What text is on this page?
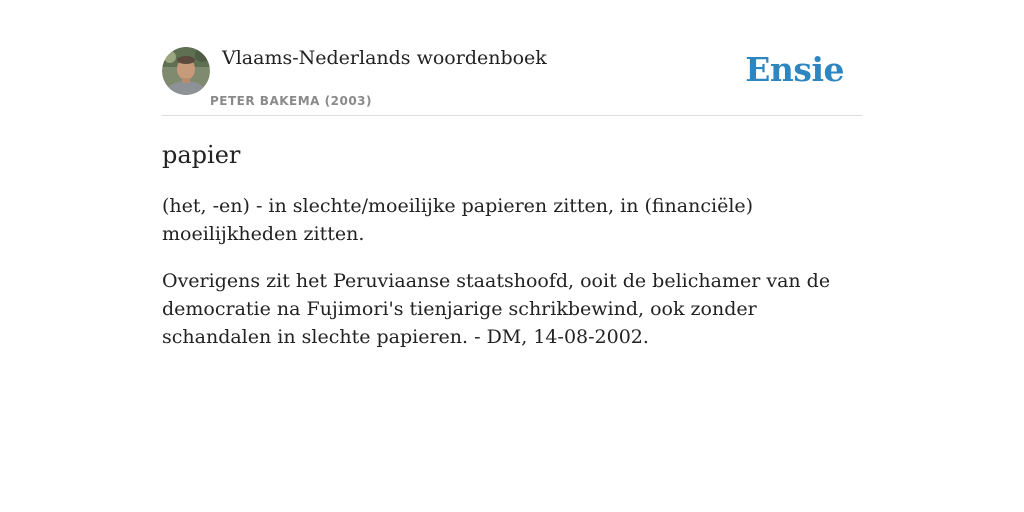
Vlaams-Nederlands woordenboek
PETER BAKEMA (2003)
Ensie
papier

(het, -en) - in slechte/moeilijke papieren zitten, in (financiële) moeilijkheden zitten.

Overigens zit het Peruviaanse staatshoofd, ooit de belichamer van de democratie na Fujimori's tienjarige schrikbewind, ook zonder schandalen in slechte papieren. - DM, 14-08-2002.
